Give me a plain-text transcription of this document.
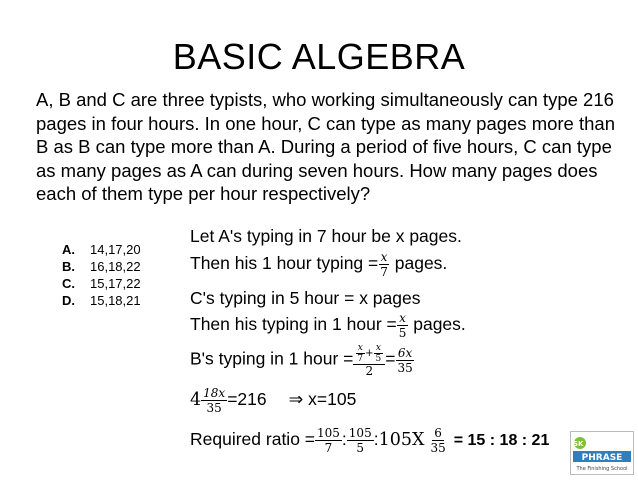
BASIC ALGEBRA
A, B and C are three typists, who working simultaneously can type 216 pages in four hours. In one hour, C can type as many pages more than B as B can type more than A. During a period of five hours, C can type as many pages as A can during seven hours. How many pages does each of them type per hour respectively?
A.	14,17,20
B.	16,18,22
C.	15,17,22
D.	15,18,21
Let A's typing in 7 hour be x pages.
Then his 1 hour typing = $\frac{x}{7}$ pages.
C's typing in 5 hour = x pages
Then his typing in 1 hour = $\frac{x}{5}$ pages.
B's typing in 1 hour = $\frac{\frac{x}{7} + \frac{x}{5}}{2} = \frac{6x}{35}$
$4 \frac{18x}{35} =216$ ⇒ x=105
Required ratio = $\frac{105}{7}$ : $\frac{105}{5}$ :105X $\frac{6}{35} = 15$ : 18 : 21	SK
PHRASE
The Finishing School
